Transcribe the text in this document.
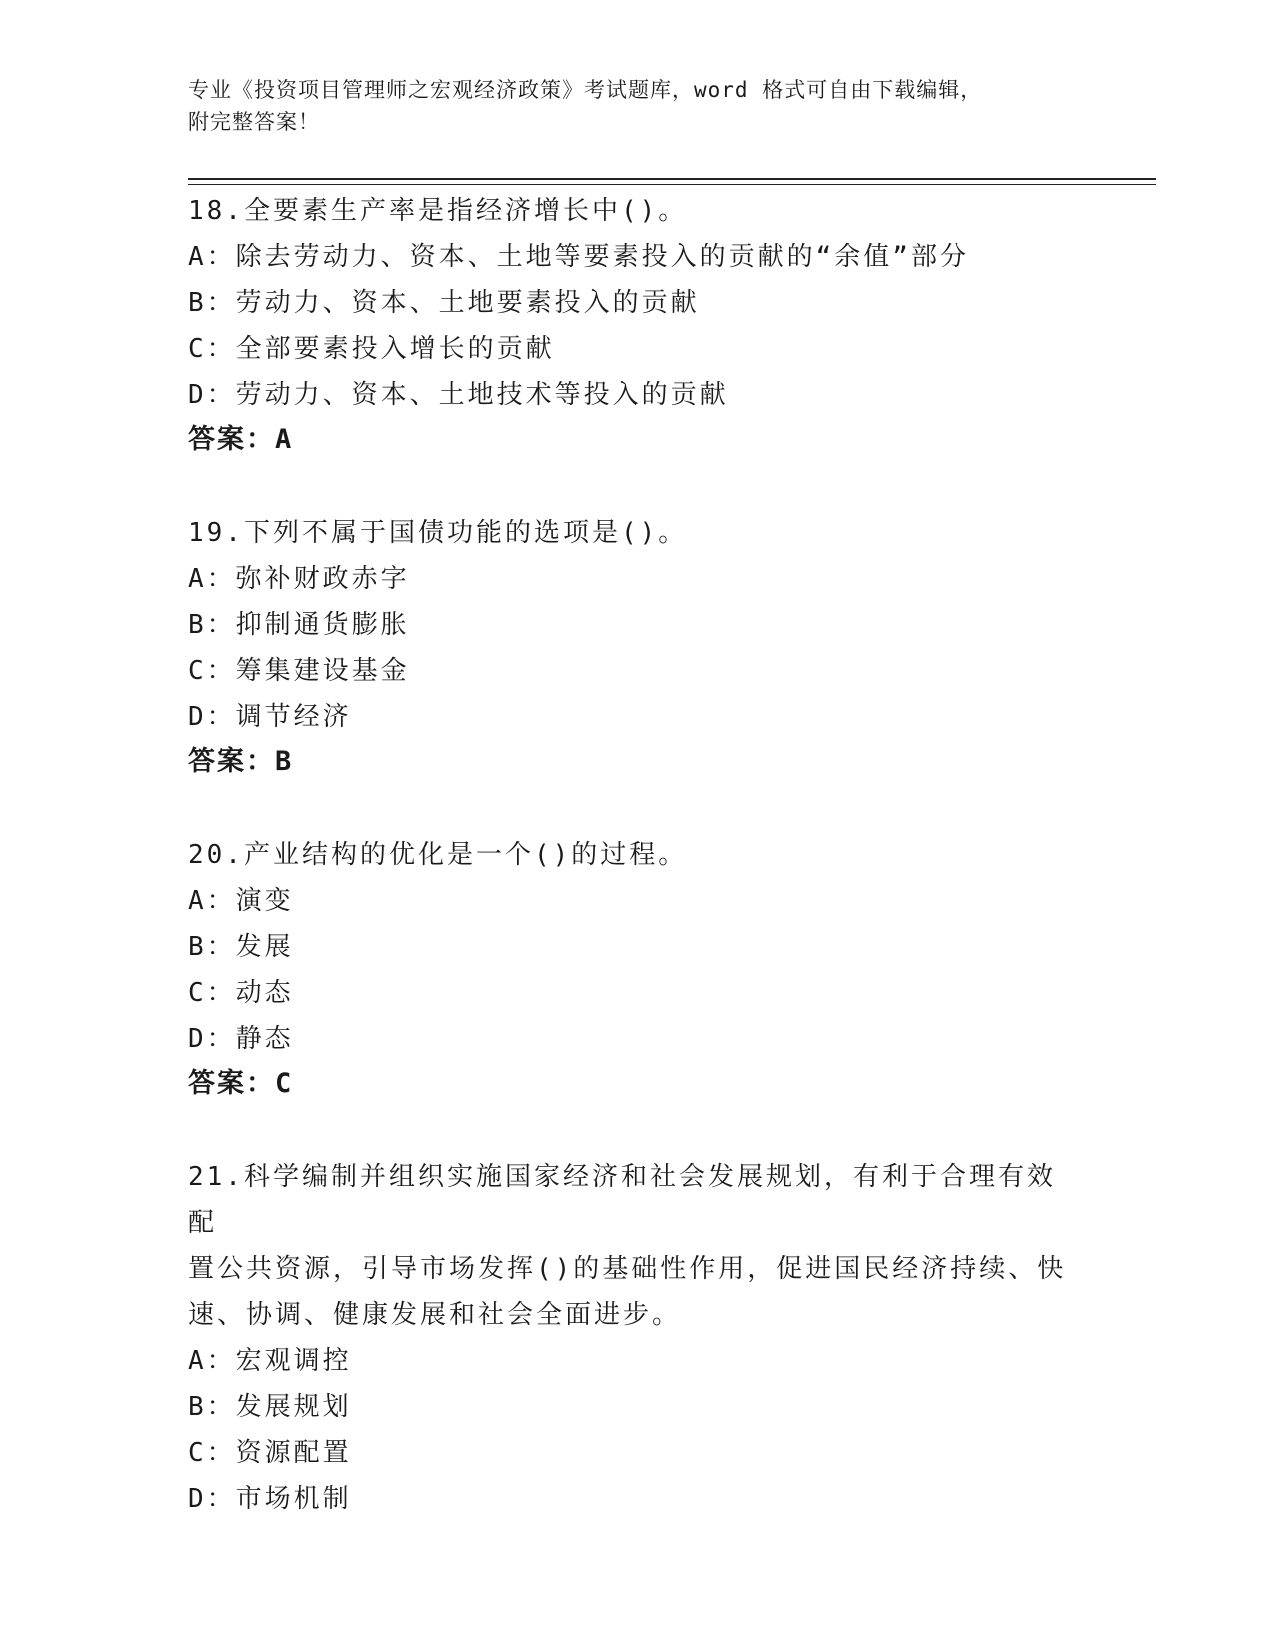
专业《投资项目管理师之宏观经济政策》考试题库，word 格式可自由下载编辑，
附完整答案！
18.全要素生产率是指经济增长中()。
A：除去劳动力、资本、土地等要素投入的贡献的“余值”部分
B：劳动力、资本、土地要素投入的贡献
C：全部要素投入增长的贡献
D：劳动力、资本、土地技术等投入的贡献
答案：A
19.下列不属于国债功能的选项是()。
A：弥补财政赤字
B：抑制通货膨胀
C：筹集建设基金
D：调节经济
答案：B
20.产业结构的优化是一个()的过程。
A：演变
B：发展
C：动态
D：静态
答案：C
21.科学编制并组织实施国家经济和社会发展规划，有利于合理有效配
置公共资源，引导市场发挥()的基础性作用，促进国民经济持续、快
速、协调、健康发展和社会全面进步。
A：宏观调控
B：发展规划
C：资源配置
D：市场机制
